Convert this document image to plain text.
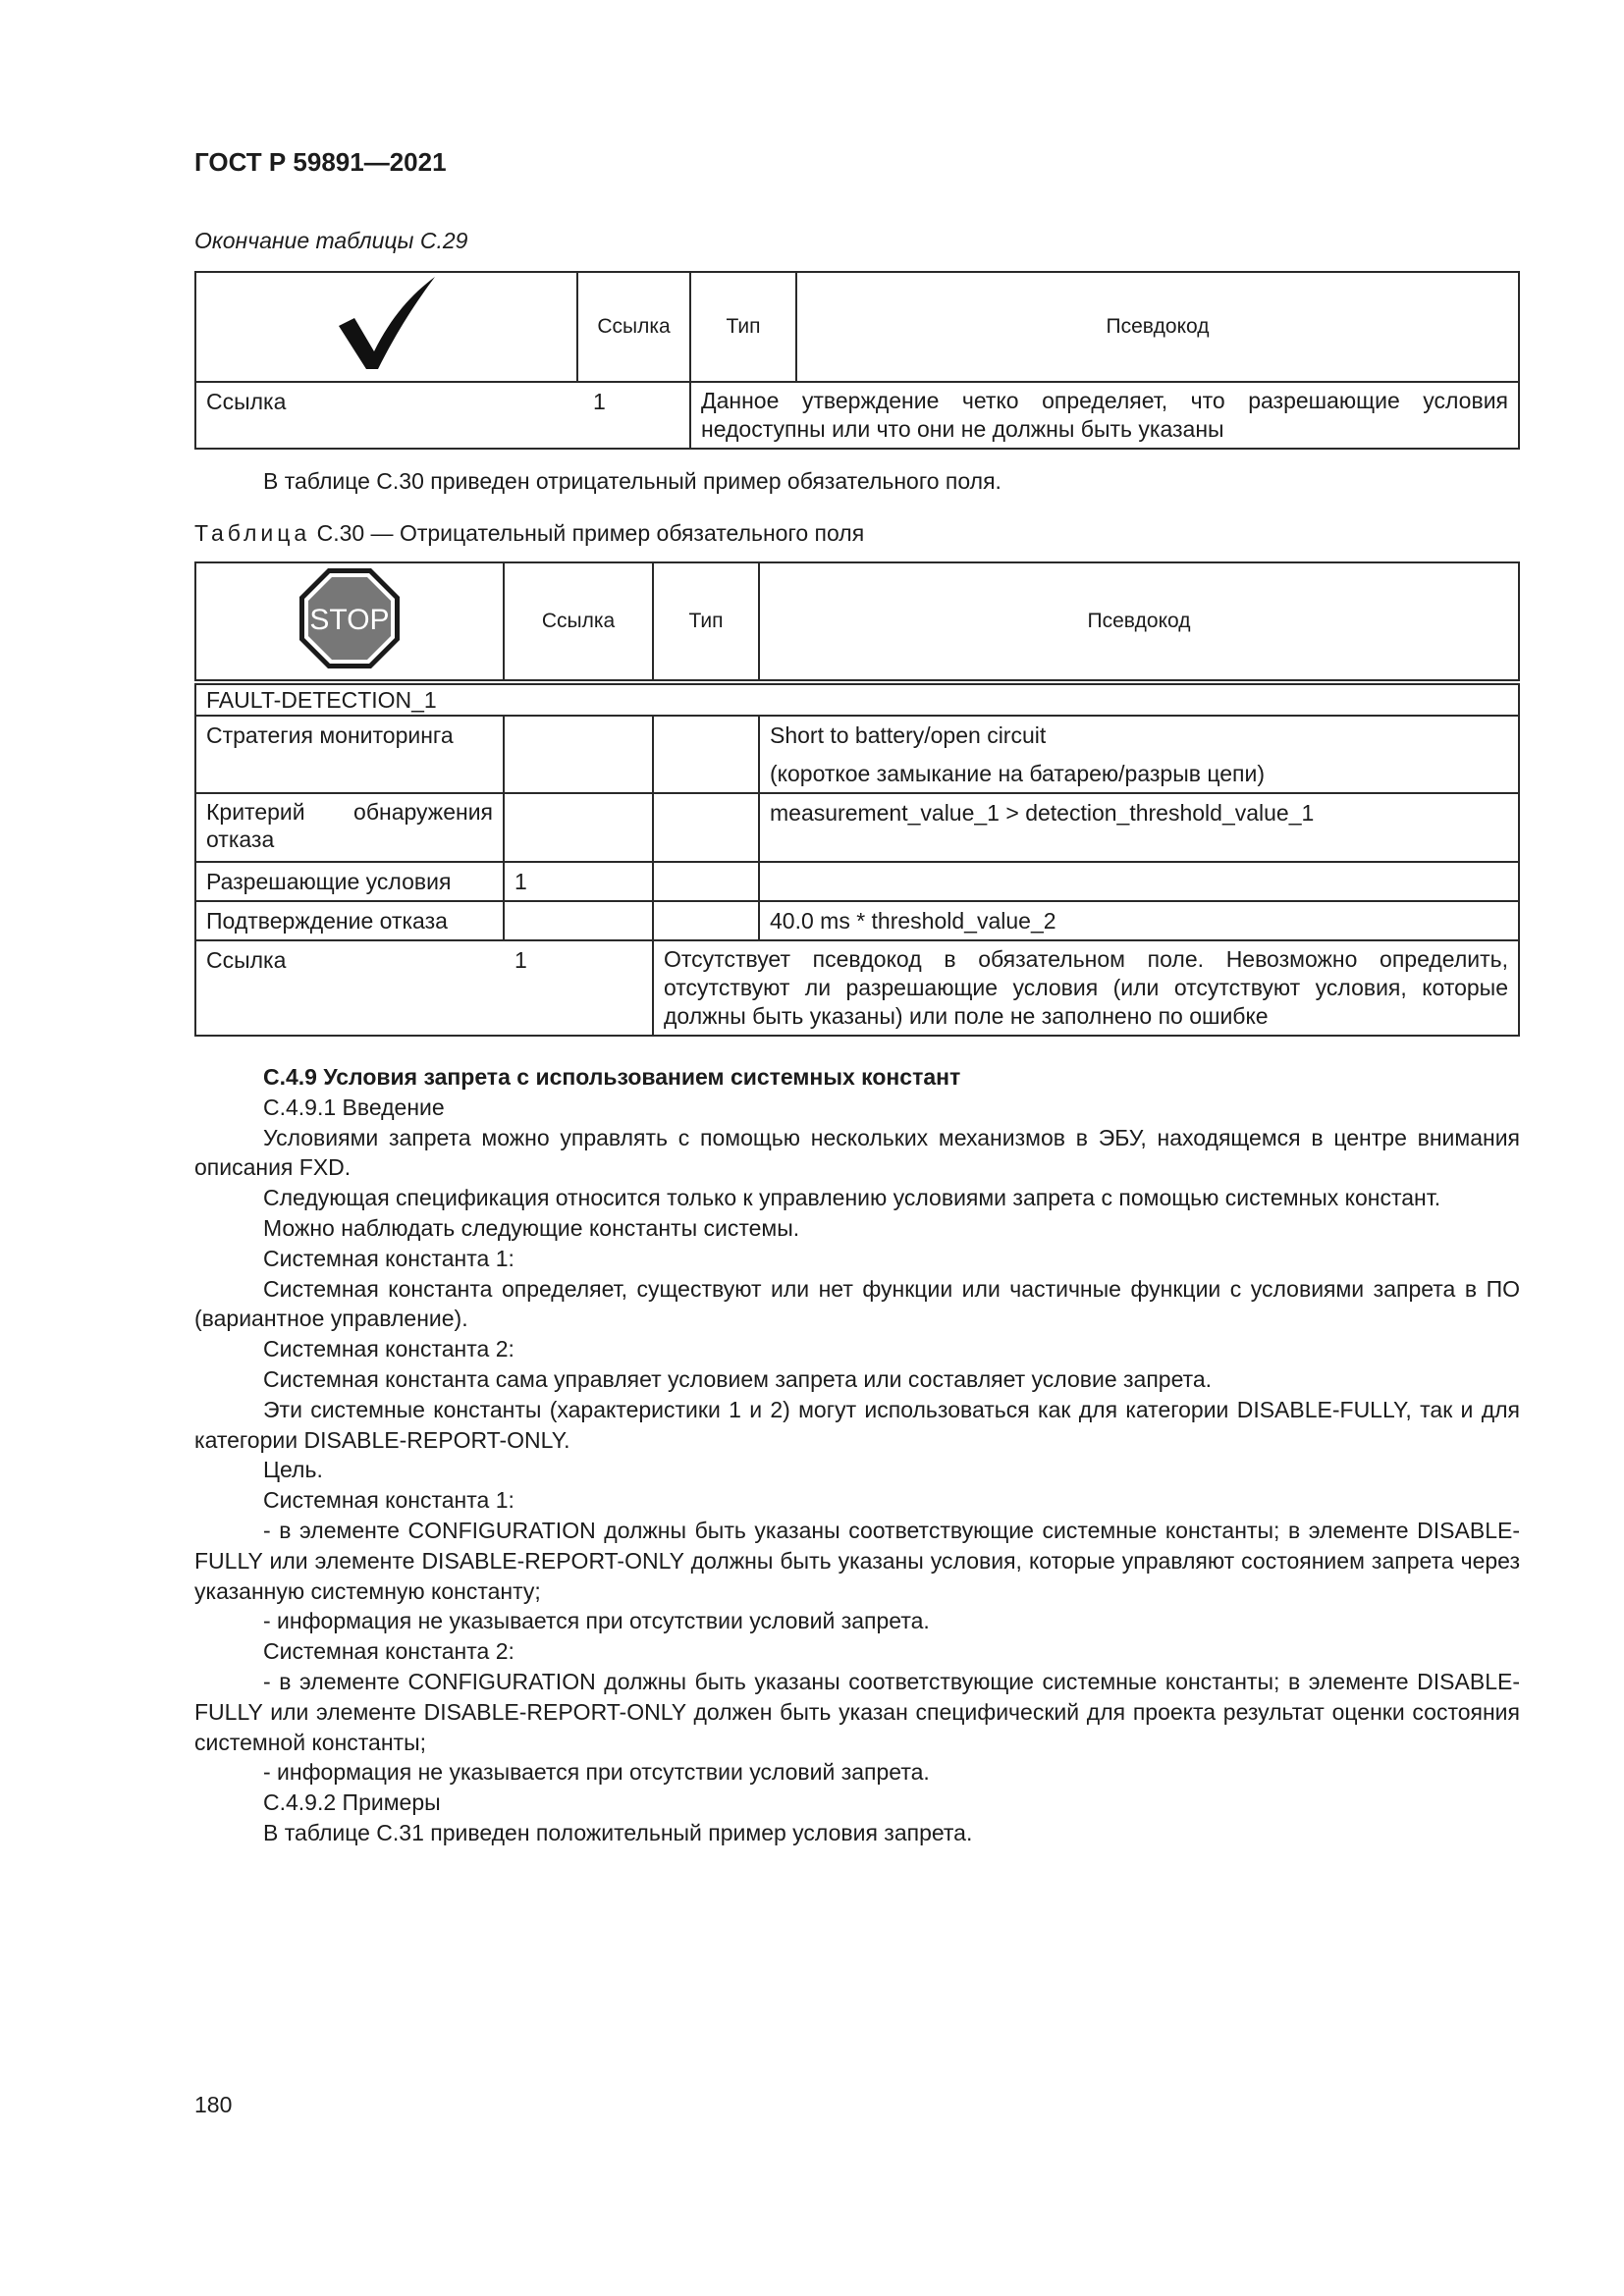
ГОСТ Р 59891—2021
Окончание таблицы С.29
	Ссылка	Тип	Псевдокод
Ссылка 1		Данное утверждение четко определяет, что разрешающие условия недоступны или что они не должны быть указаны	
В таблице С.30 приведен отрицательный пример обязательного поля.
Таблица С.30 — Отрицательный пример обязательного поля
STOP	Ссылка	Тип	Псевдокод
FAULT-DETECTION_1			
Стратегия мониторинга			Short to battery/open circuit
(короткое замыкание на батарею/разрыв цепи)

Критерий обнаружения
отказа			measurement_value_1 > detection_threshold_value_1
Разрешающие условия	1		
Подтверждение отказа			40.0 ms * threshold_value_2
Ссылка 1		Отсутствует псевдокод в обязательном поле. Невозможно определить, отсутствуют ли разрешающие условия (или отсутствуют условия, которые должны быть указаны) или поле не заполнено по ошибке	
С.4.9 Условия запрета с использованием системных констант
С.4.9.1 Введение
Условиями запрета можно управлять с помощью нескольких механизмов в ЭБУ, находящемся в центре внимания описания FXD.
Следующая спецификация относится только к управлению условиями запрета с помощью системных констант.
Можно наблюдать следующие константы системы.
Системная константа 1:
Системная константа определяет, существуют или нет функции или частичные функции с условиями запрета в ПО (вариантное управление).
Системная константа 2:
Системная константа сама управляет условием запрета или составляет условие запрета.
Эти системные константы (характеристики 1 и 2) могут использоваться как для категории DISABLE-FULLY, так и для категории DISABLE-REPORT-ONLY.
Цель.
Системная константа 1:
- в элементе CONFIGURATION должны быть указаны соответствующие системные константы; в элементе DISABLE-FULLY или элементе DISABLE-REPORT-ONLY должны быть указаны условия, которые управляют состоянием запрета через указанную системную константу;
- информация не указывается при отсутствии условий запрета.
Системная константа 2:
- в элементе CONFIGURATION должны быть указаны соответствующие системные константы; в элементе DISABLE-FULLY или элементе DISABLE-REPORT-ONLY должен быть указан специфический для проекта результат оценки состояния системной константы;
- информация не указывается при отсутствии условий запрета.
С.4.9.2 Примеры
В таблице С.31 приведен положительный пример условия запрета.
180
